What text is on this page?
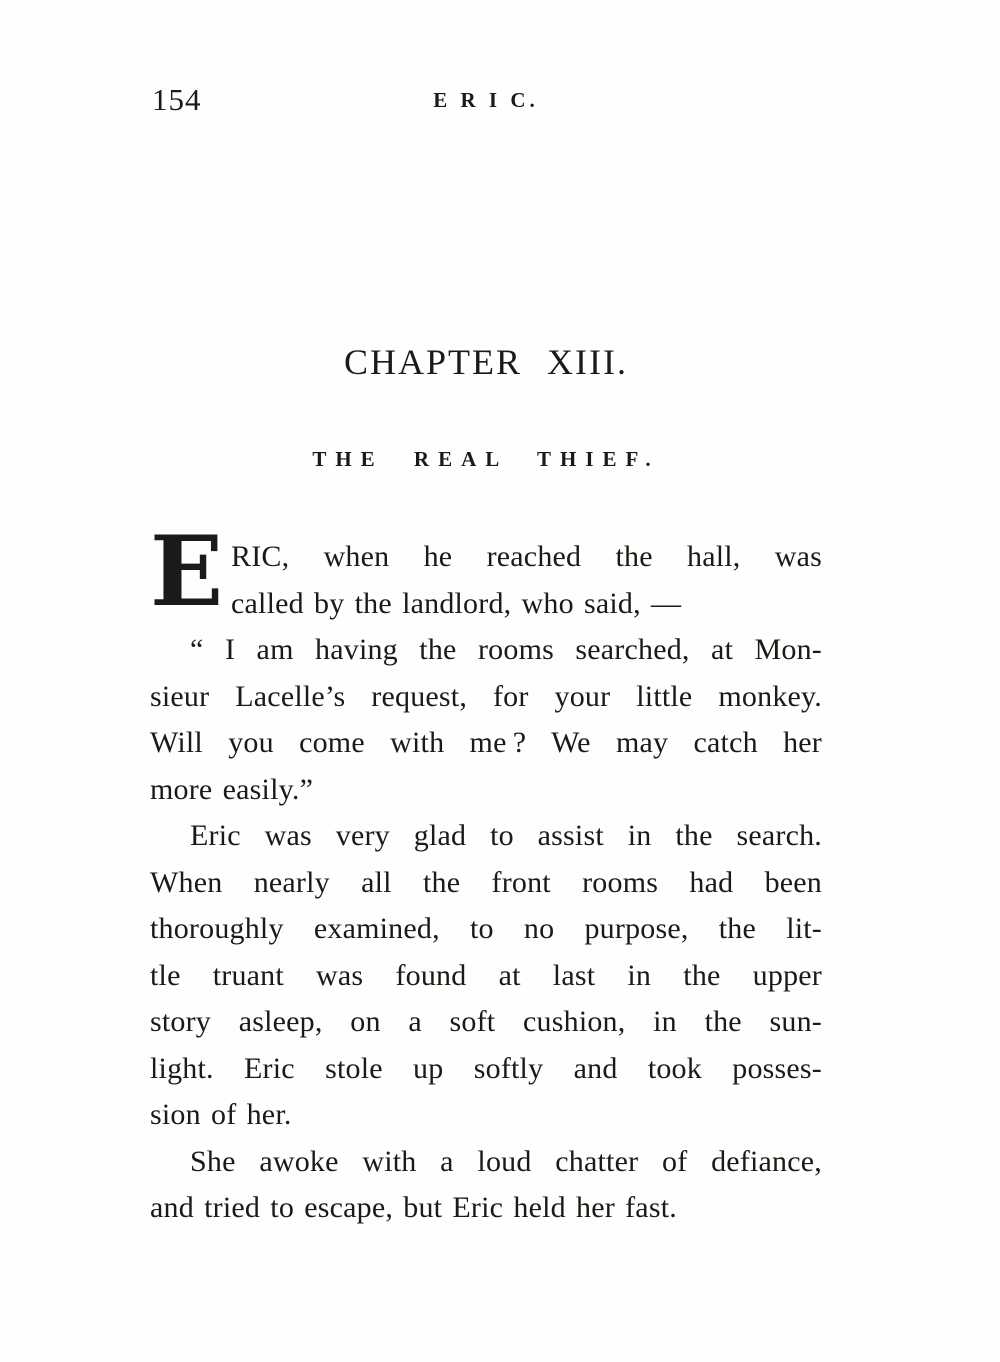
154	E R I C.
CHAPTER XIII.
THE REAL THIEF.
E RIC, when he reached the hall, was
called by the landlord, who said, —
“ I am having the rooms searched, at Mon-
sieur Lacelle’s request, for your little monkey.
Will you come with me ? We may catch her
more easily.”
Eric was very glad to assist in the search.
When nearly all the front rooms had been
thoroughly examined, to no purpose, the lit-
tle truant was found at last in the upper
story asleep, on a soft cushion, in the sun-
light. Eric stole up softly and took posses-
sion of her.
She awoke with a loud chatter of defiance,
and tried to escape, but Eric held her fast.
